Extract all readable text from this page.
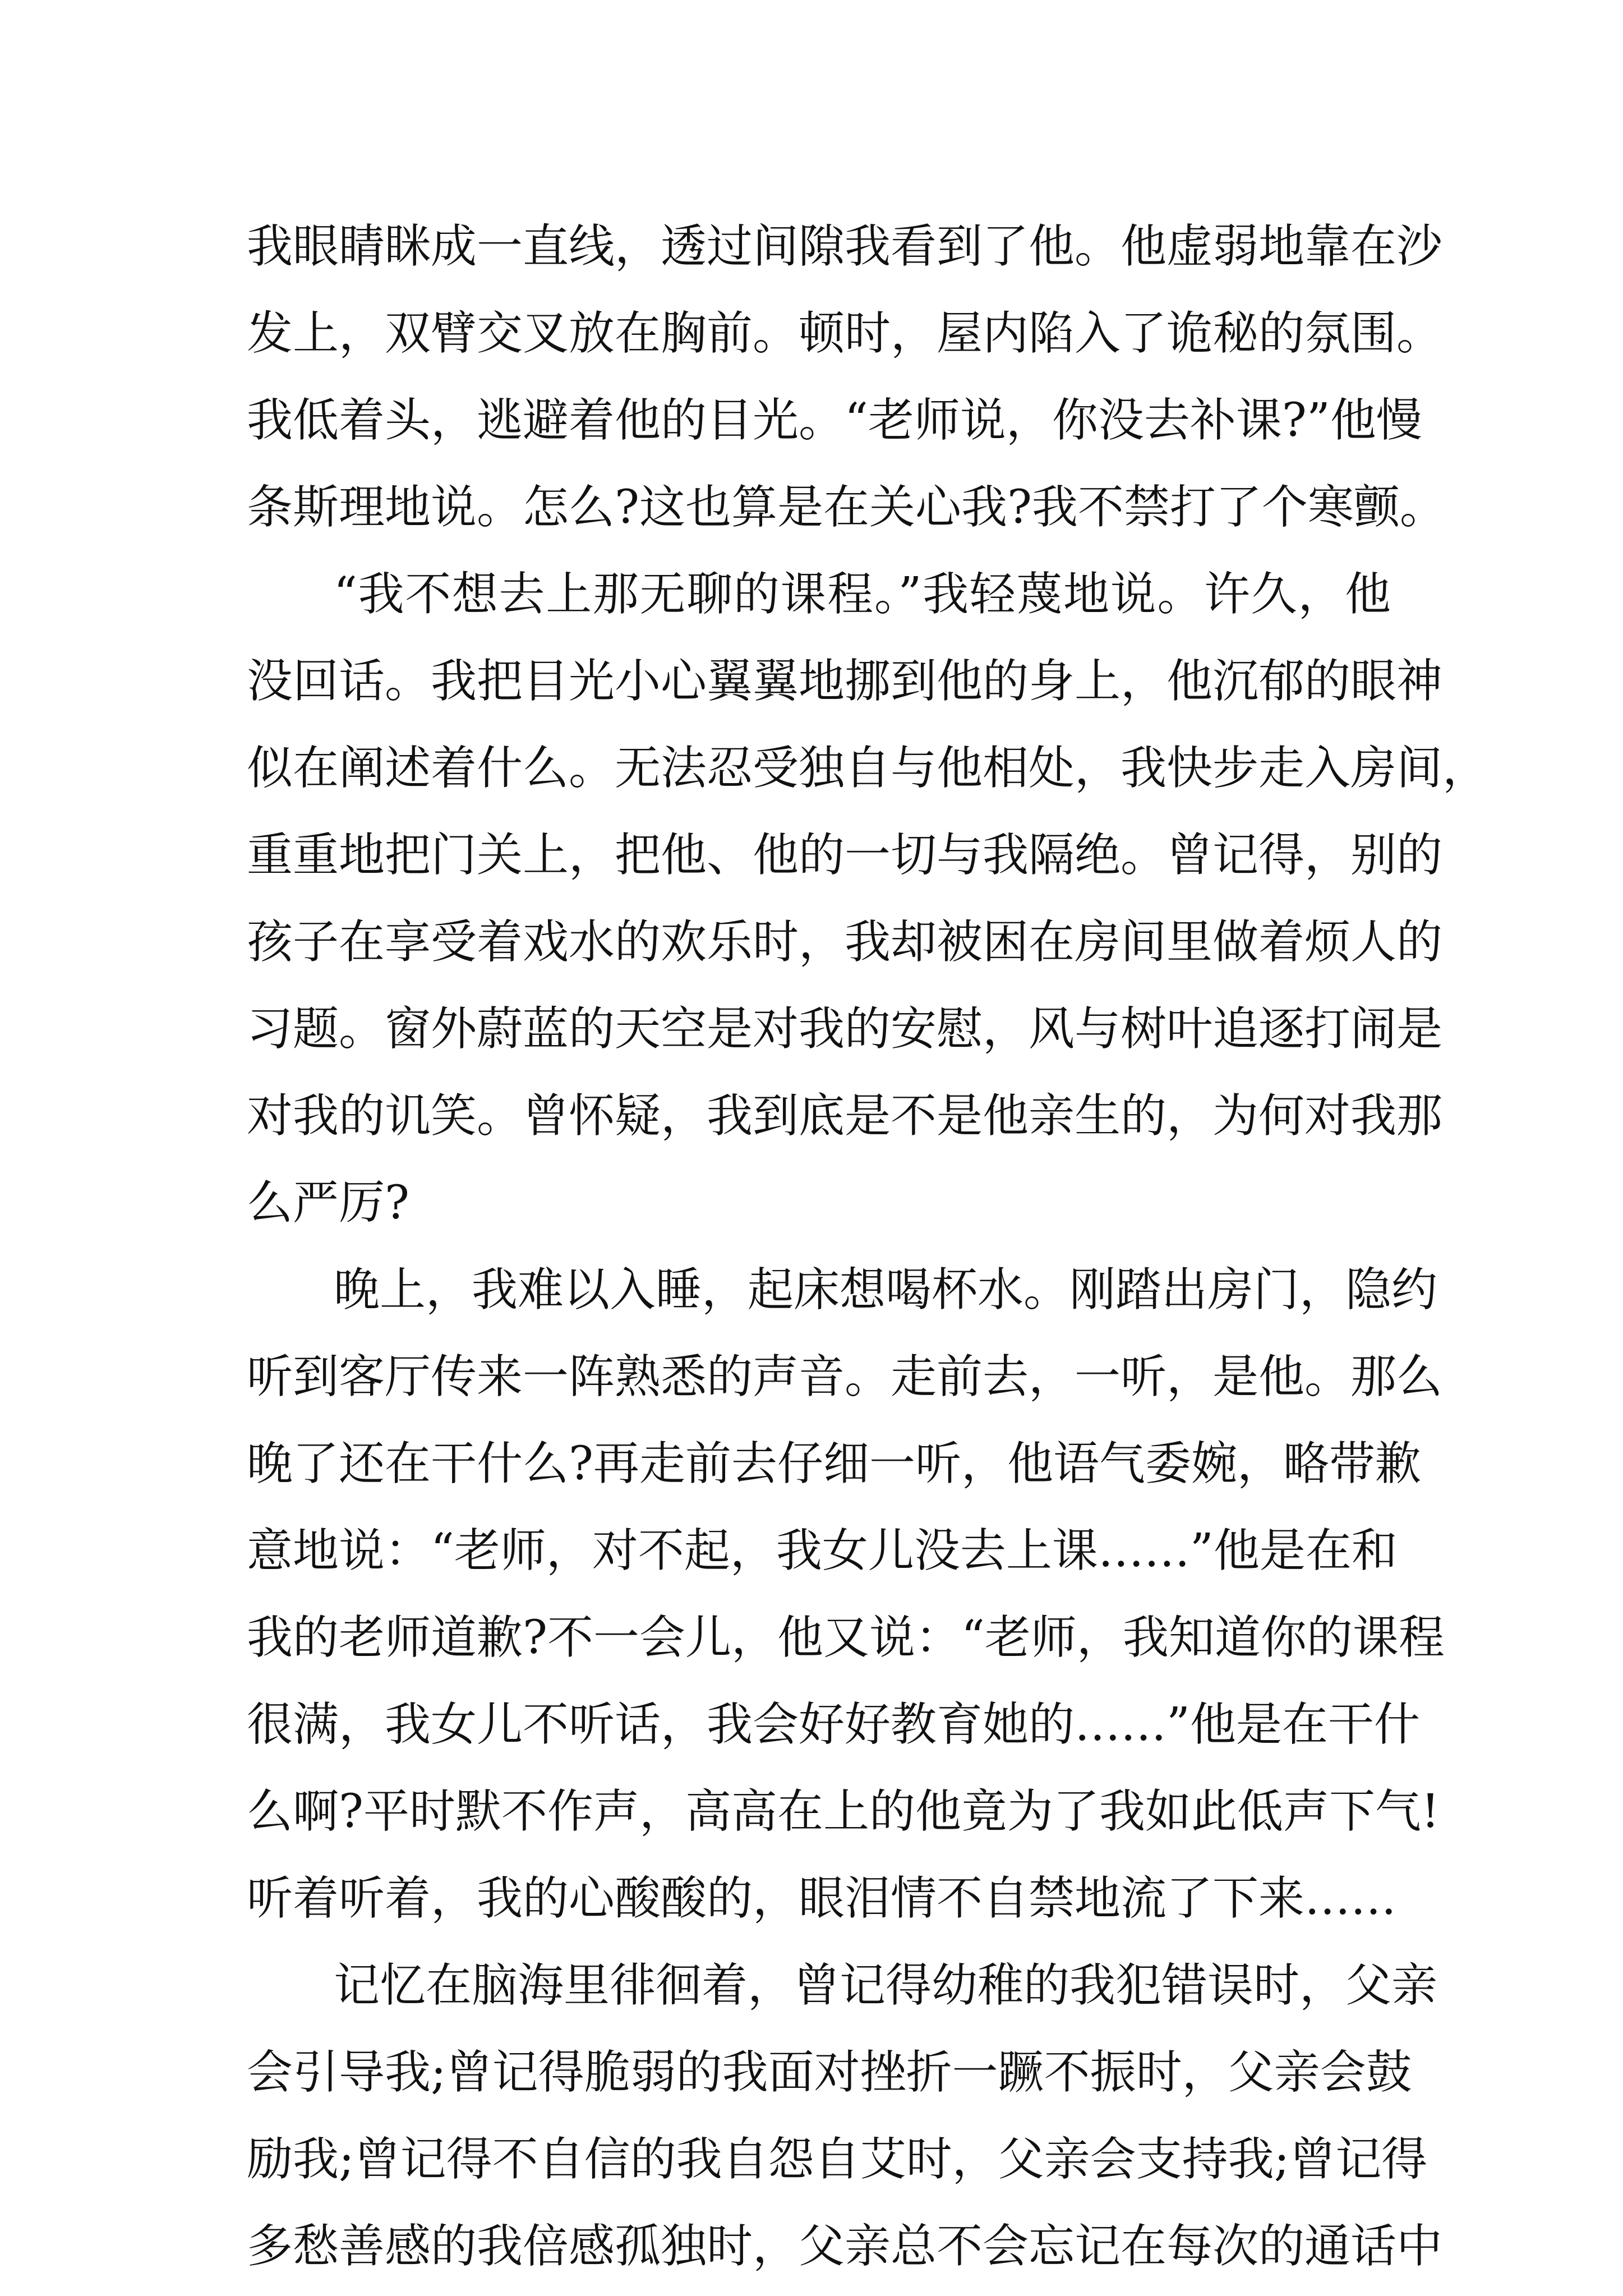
我眼睛眯成一直线，透过间隙我看到了他。他虚弱地靠在沙
发上，双臂交叉放在胸前。顿时，屋内陷入了诡秘的氛围。
我低着头，逃避着他的目光。“老师说，你没去补课?”他慢
条斯理地说。怎么?这也算是在关心我?我不禁打了个寒颤。
“我不想去上那无聊的课程。”我轻蔑地说。许久，他
没回话。我把目光小心翼翼地挪到他的身上，他沉郁的眼神
似在阐述着什么。无法忍受独自与他相处，我快步走入房间，
重重地把门关上，把他、他的一切与我隔绝。曾记得，别的
孩子在享受着戏水的欢乐时，我却被困在房间里做着烦人的
习题。窗外蔚蓝的天空是对我的安慰，风与树叶追逐打闹是
对我的讥笑。曾怀疑，我到底是不是他亲生的，为何对我那
么严厉?
晚上，我难以入睡，起床想喝杯水。刚踏出房门，隐约
听到客厅传来一阵熟悉的声音。走前去，一听，是他。那么
晚了还在干什么?再走前去仔细一听，他语气委婉，略带歉
意地说：“老师，对不起，我女儿没去上课……”他是在和
我的老师道歉?不一会儿，他又说：“老师，我知道你的课程
很满，我女儿不听话，我会好好教育她的……”他是在干什
么啊?平时默不作声，高高在上的他竟为了我如此低声下气!
听着听着，我的心酸酸的，眼泪情不自禁地流了下来……
记忆在脑海里徘徊着，曾记得幼稚的我犯错误时，父亲
会引导我;曾记得脆弱的我面对挫折一蹶不振时，父亲会鼓
励我;曾记得不自信的我自怨自艾时，父亲会支持我;曾记得
多愁善感的我倍感孤独时，父亲总不会忘记在每次的通话中
